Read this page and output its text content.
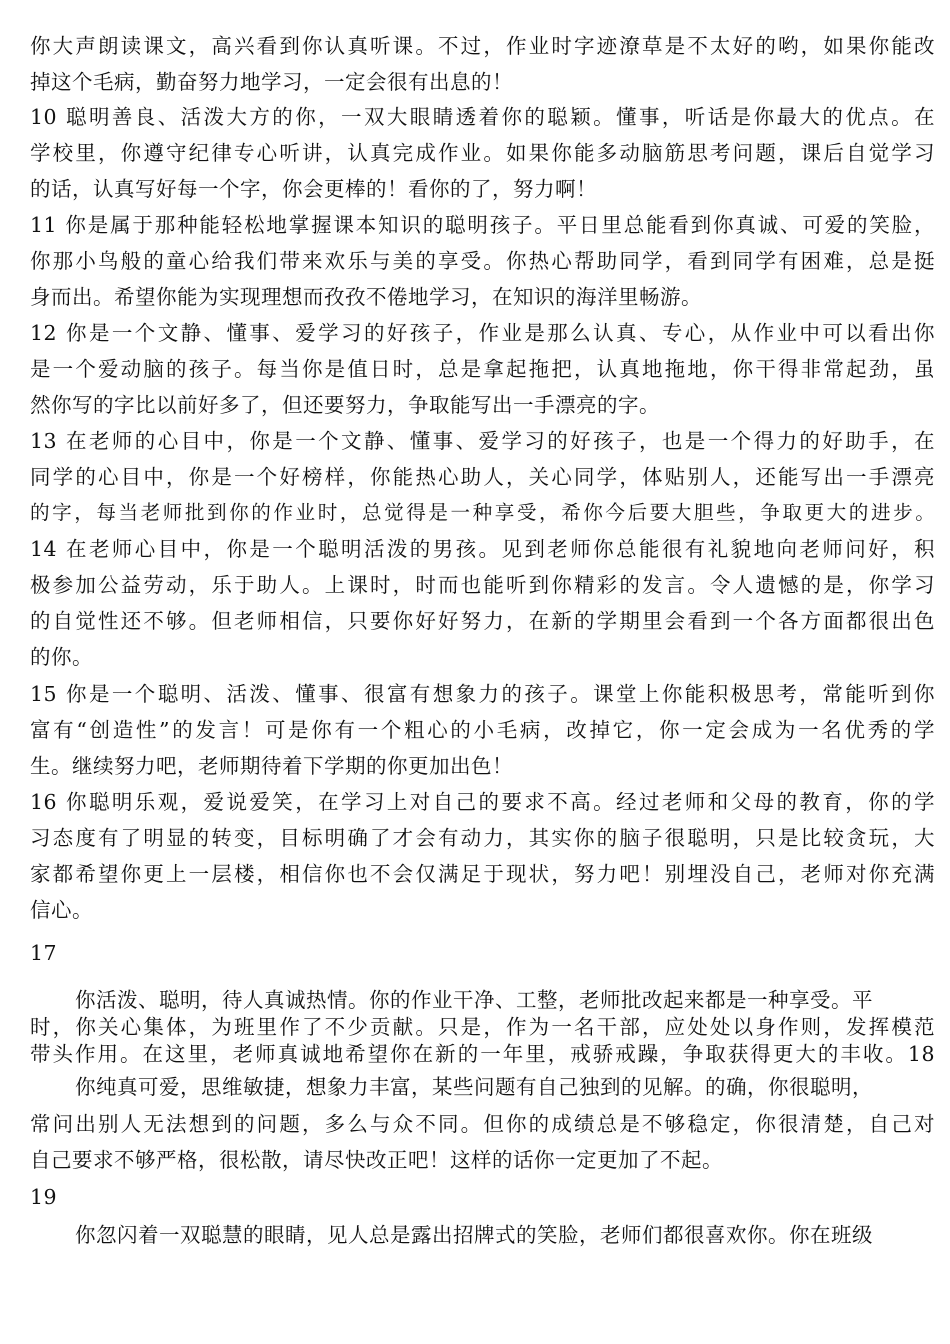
你大声朗读课文，高兴看到你认真听课。不过，作业时字迹潦草是不太好的哟，如果你能改
掉这个毛病，勤奋努力地学习，一定会很有出息的！
10 聪明善良、活泼大方的你，一双大眼睛透着你的聪颖。懂事，听话是你最大的优点。在
学校里，你遵守纪律专心听讲，认真完成作业。如果你能多动脑筋思考问题，课后自觉学习
的话，认真写好每一个字，你会更棒的！看你的了，努力啊！
11 你是属于那种能轻松地掌握课本知识的聪明孩子。平日里总能看到你真诚、可爱的笑脸，
你那小鸟般的童心给我们带来欢乐与美的享受。你热心帮助同学，看到同学有困难，总是挺
身而出。希望你能为实现理想而孜孜不倦地学习，在知识的海洋里畅游。
12 你是一个文静、懂事、爱学习的好孩子，作业是那么认真、专心，从作业中可以看出你
是一个爱动脑的孩子。每当你是值日时，总是拿起拖把，认真地拖地，你干得非常起劲，虽
然你写的字比以前好多了，但还要努力，争取能写出一手漂亮的字。
13 在老师的心目中，你是一个文静、懂事、爱学习的好孩子，也是一个得力的好助手，在
同学的心目中，你是一个好榜样，你能热心助人，关心同学，体贴别人，还能写出一手漂亮
的字，每当老师批到你的作业时，总觉得是一种享受，希你今后要大胆些，争取更大的进步。
14 在老师心目中，你是一个聪明活泼的男孩。见到老师你总能很有礼貌地向老师问好，积
极参加公益劳动，乐于助人。上课时，时而也能听到你精彩的发言。令人遗憾的是，你学习
的自觉性还不够。但老师相信，只要你好好努力，在新的学期里会看到一个各方面都很出色
的你。
15 你是一个聪明、活泼、懂事、很富有想象力的孩子。课堂上你能积极思考，常能听到你
富有“创造性”的发言！可是你有一个粗心的小毛病，改掉它，你一定会成为一名优秀的学
生。继续努力吧，老师期待着下学期的你更加出色！
16 你聪明乐观，爱说爱笑，在学习上对自己的要求不高。经过老师和父母的教育，你的学
习态度有了明显的转变，目标明确了才会有动力，其实你的脑子很聪明，只是比较贪玩，大
家都希望你更上一层楼，相信你也不会仅满足于现状，努力吧！别埋没自己，老师对你充满
信心。
17
你活泼、聪明，待人真诚热情。你的作业干净、工整，老师批改起来都是一种享受。平
时，你关心集体，为班里作了不少贡献。只是，作为一名干部，应处处以身作则，发挥模范
带头作用。在这里，老师真诚地希望你在新的一年里，戒骄戒躁，争取获得更大的丰收。18
你纯真可爱，思维敏捷，想象力丰富，某些问题有自己独到的见解。的确，你很聪明，
常问出别人无法想到的问题，多么与众不同。但你的成绩总是不够稳定，你很清楚，自己对
自己要求不够严格，很松散，请尽快改正吧！这样的话你一定更加了不起。
19
你忽闪着一双聪慧的眼睛，见人总是露出招牌式的笑脸，老师们都很喜欢你。你在班级
